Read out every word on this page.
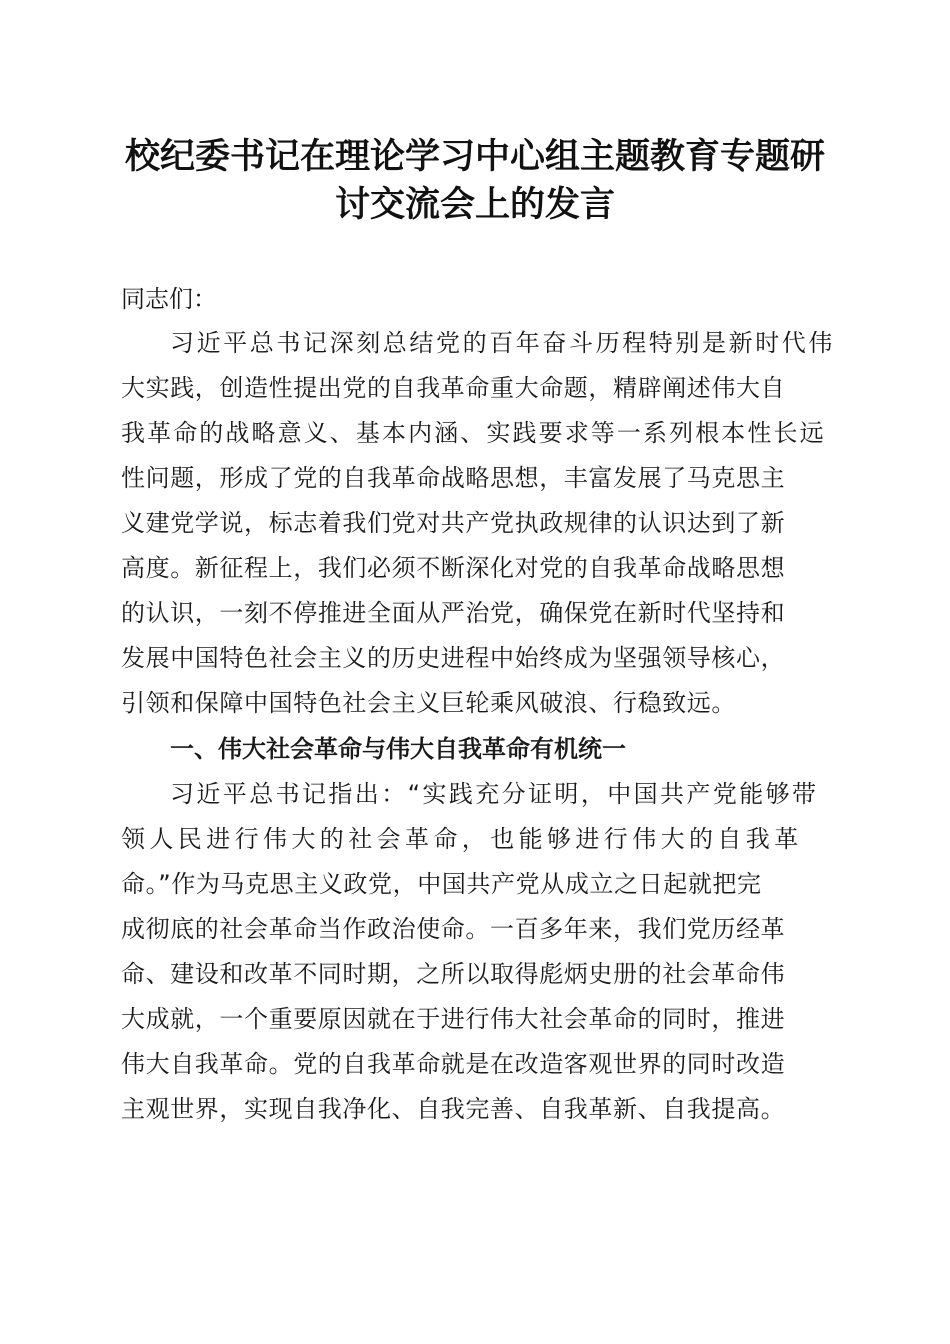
校纪委书记在理论学习中心组主题教育专题研
讨交流会上的发言
同志们：
习近平总书记深刻总结党的百年奋斗历程特别是新时代伟
大实践，创造性提出党的自我革命重大命题，精辟阐述伟大自
我革命的战略意义、基本内涵、实践要求等一系列根本性长远
性问题，形成了党的自我革命战略思想，丰富发展了马克思主
义建党学说，标志着我们党对共产党执政规律的认识达到了新
高度。新征程上，我们必须不断深化对党的自我革命战略思想
的认识，一刻不停推进全面从严治党，确保党在新时代坚持和
发展中国特色社会主义的历史进程中始终成为坚强领导核心，
引领和保障中国特色社会主义巨轮乘风破浪、行稳致远。
一、伟大社会革命与伟大自我革命有机统一
习近平总书记指出：“实践充分证明，中国共产党能够带
领人民进行伟大的社会革命，也能够进行伟大的自我革
命。”作为马克思主义政党，中国共产党从成立之日起就把完
成彻底的社会革命当作政治使命。一百多年来，我们党历经革
命、建设和改革不同时期，之所以取得彪炳史册的社会革命伟
大成就，一个重要原因就在于进行伟大社会革命的同时，推进
伟大自我革命。党的自我革命就是在改造客观世界的同时改造
主观世界，实现自我净化、自我完善、自我革新、自我提高。
